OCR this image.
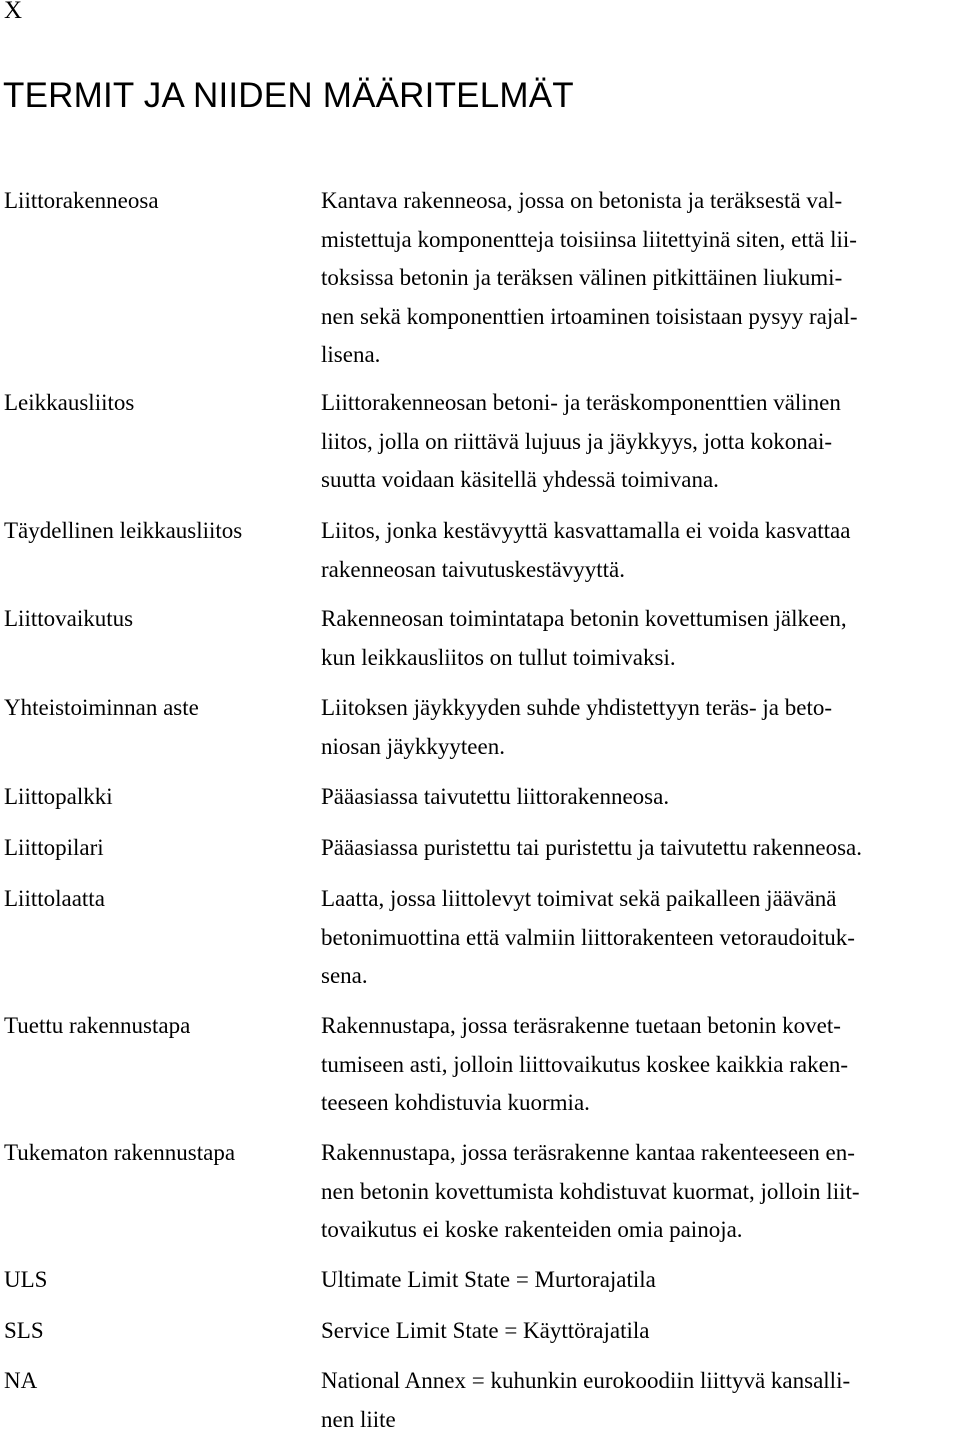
X
TERMIT JA NIIDEN MÄÄRITELMÄT

Liittorakenneosa	Kantava rakenneosa, jossa on betonista ja teräksestä val-
mistettuja komponentteja toisiinsa liitettyinä siten, että lii-
toksissa betonin ja teräksen välinen pitkittäinen liukumi-
nen sekä komponenttien irtoaminen toisistaan pysyy rajal-
lisena.

Leikkausliitos	Liittorakenneosan betoni- ja teräskomponenttien välinen
liitos, jolla on riittävä lujuus ja jäykkyys, jotta kokonai-
suutta voidaan käsitellä yhdessä toimivana.

Täydellinen leikkausliitos	Liitos, jonka kestävyyttä kasvattamalla ei voida kasvattaa
rakenneosan taivutuskestävyyttä.

Liittovaikutus	Rakenneosan toimintatapa betonin kovettumisen jälkeen,
kun leikkausliitos on tullut toimivaksi.

Yhteistoiminnan aste	Liitoksen jäykkyyden suhde yhdistettyyn teräs- ja beto-
niosan jäykkyyteen.

Liittopalkki	Pääasiassa taivutettu liittorakenneosa.

Liittopilari	Pääasiassa puristettu tai puristettu ja taivutettu rakenneosa.

Liittolaatta	Laatta, jossa liittolevyt toimivat sekä paikalleen jäävänä
betonimuottina että valmiin liittorakenteen vetoraudoituk-
sena.

Tuettu rakennustapa	Rakennustapa, jossa teräsrakenne tuetaan betonin kovet-
tumiseen asti, jolloin liittovaikutus koskee kaikkia raken-
teeseen kohdistuvia kuormia.

Tukematon rakennustapa	Rakennustapa, jossa teräsrakenne kantaa rakenteeseen en-
nen betonin kovettumista kohdistuvat kuormat, jolloin liit-
tovaikutus ei koske rakenteiden omia painoja.

ULS	Ultimate Limit State = Murtorajatila

SLS	Service Limit State = Käyttörajatila

NA	National Annex = kuhunkin eurokoodiin liittyvä kansalli-
nen liite
